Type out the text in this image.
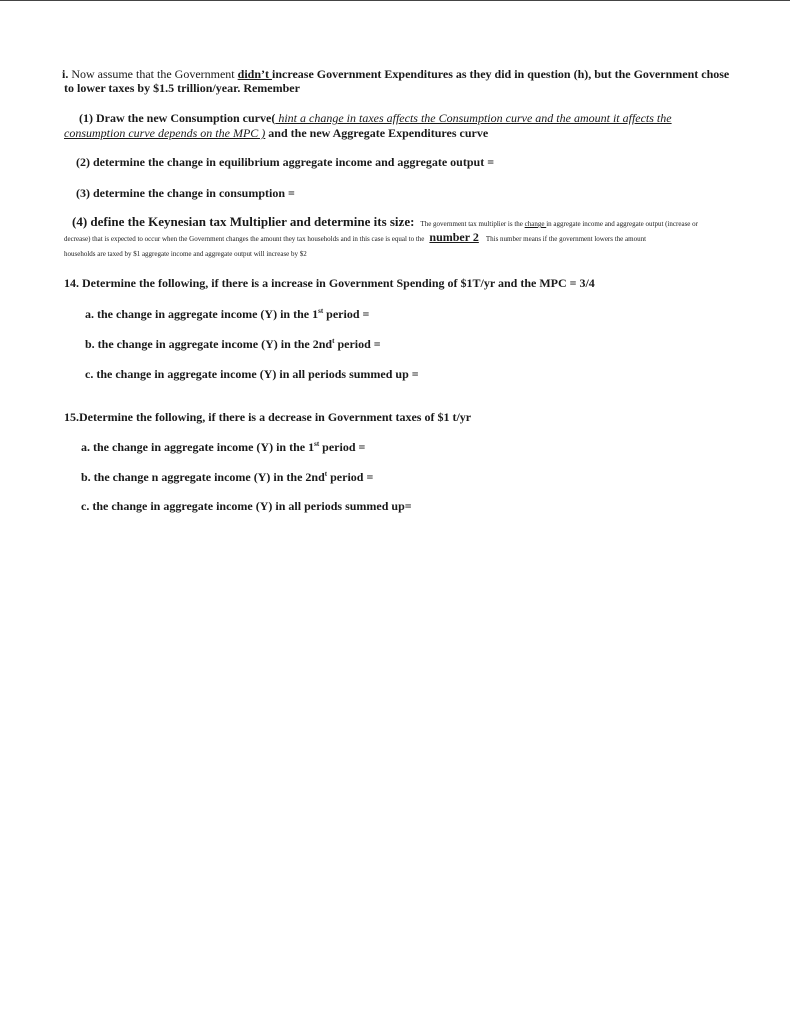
i. Now assume that the Government didn’t increase Government Expenditures as they did in question (h), but the Government chose
to lower taxes by $1.5 trillion/year. Remember
(1) Draw the new Consumption curve( hint a change in taxes affects the Consumption curve and the amount it affects the
consumption curve depends on the MPC ) and the new Aggregate Expenditures curve
(2) determine the change in equilibrium aggregate income and aggregate output =
(3) determine the change in consumption =
(4) define the Keynesian tax Multiplier and determine its size: The government tax multiplier is the change in aggregate income and aggregate output (increase or
decrease) that is expected to occur when the Government changes the amount they tax households and in this case is equal to the number 2 This number means if the government lowers the amount
households are taxed by $1 aggregate income and aggregate output will increase by $2
14. Determine the following, if there is a increase in Government Spending of $1T/yr and the MPC = 3/4
a. the change in aggregate income (Y) in the 1st period =
b. the change in aggregate income (Y) in the $2nd^t$ period =
c. the change in aggregate income (Y) in all periods summed up =
15.Determine the following, if there is a decrease in Government taxes of $1 t/yr
a. the change in aggregate income (Y) in the 1st period =
b. the change n aggregate income (Y) in the $2nd^t$ period =
c. the change in aggregate income (Y) in all periods summed up=
